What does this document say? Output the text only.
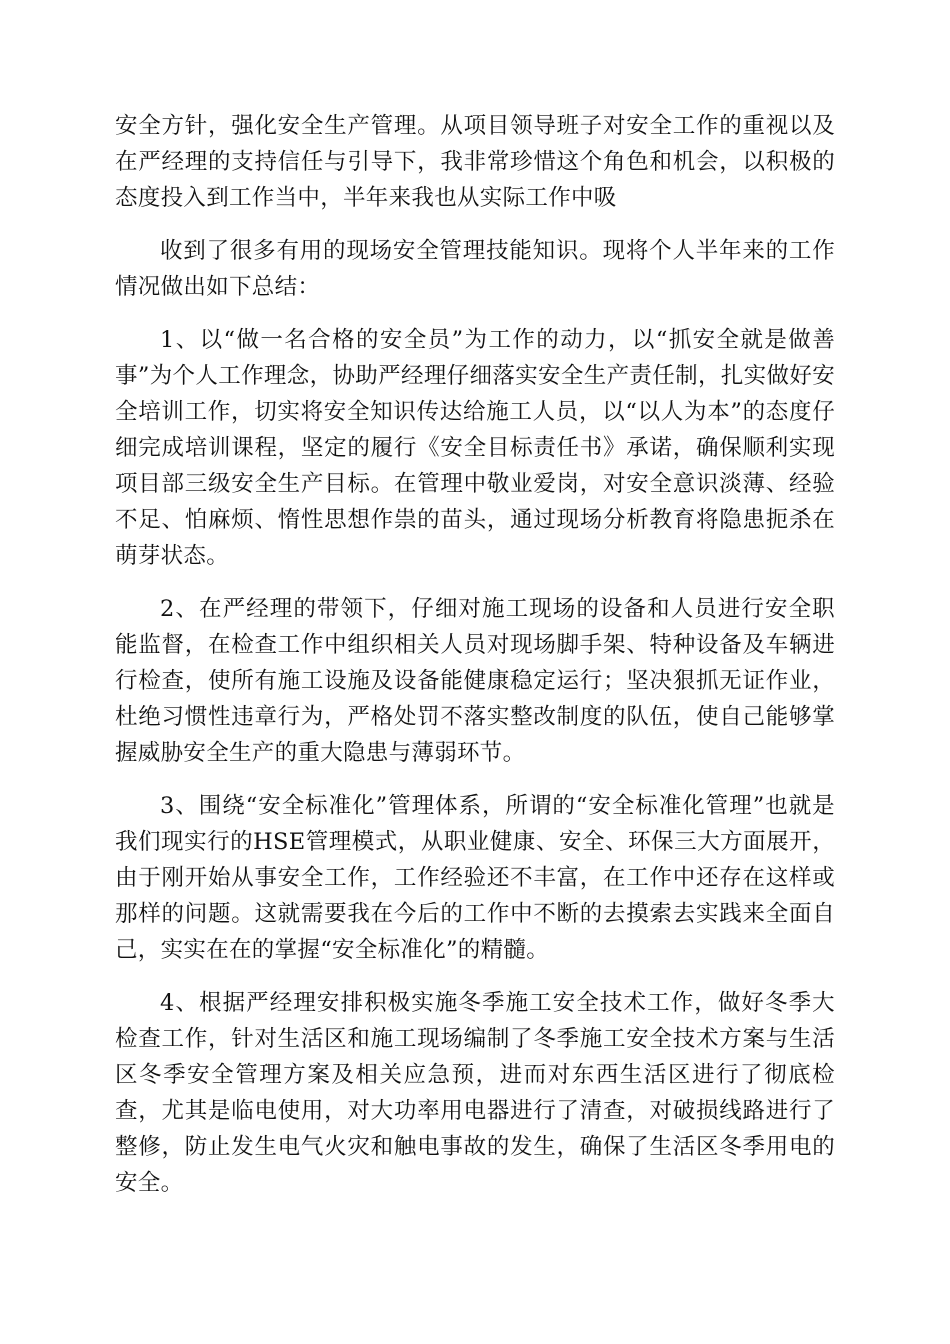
安全方针，强化安全生产管理。从项目领导班子对安全工作的重视以及在严经理的支持信任与引导下，我非常珍惜这个角色和机会，以积极的态度投入到工作当中，半年来我也从实际工作中吸

收到了很多有用的现场安全管理技能知识。现将个人半年来的工作情况做出如下总结：

1、以“做一名合格的安全员”为工作的动力，以“抓安全就是做善事”为个人工作理念，协助严经理仔细落实安全生产责任制，扎实做好安全培训工作，切实将安全知识传达给施工人员，以“以人为本”的态度仔细完成培训课程，坚定的履行《安全目标责任书》承诺，确保顺利实现项目部三级安全生产目标。在管理中敬业爱岗，对安全意识淡薄、经验不足、怕麻烦、惰性思想作祟的苗头，通过现场分析教育将隐患扼杀在萌芽状态。

2、在严经理的带领下，仔细对施工现场的设备和人员进行安全职能监督，在检查工作中组织相关人员对现场脚手架、特种设备及车辆进行检查，使所有施工设施及设备能健康稳定运行；坚决狠抓无证作业，杜绝习惯性违章行为，严格处罚不落实整改制度的队伍，使自己能够掌握威胁安全生产的重大隐患与薄弱环节。

3、围绕“安全标准化”管理体系，所谓的“安全标准化管理”也就是我们现实行的HSE管理模式，从职业健康、安全、环保三大方面展开，由于刚开始从事安全工作，工作经验还不丰富，在工作中还存在这样或那样的问题。这就需要我在今后的工作中不断的去摸索去实践来全面自己，实实在在的掌握“安全标准化”的精髓。

4、根据严经理安排积极实施冬季施工安全技术工作，做好冬季大检查工作，针对生活区和施工现场编制了冬季施工安全技术方案与生活区冬季安全管理方案及相关应急预，进而对东西生活区进行了彻底检查，尤其是临电使用，对大功率用电器进行了清查，对破损线路进行了整修，防止发生电气火灾和触电事故的发生，确保了生活区冬季用电的安全。
